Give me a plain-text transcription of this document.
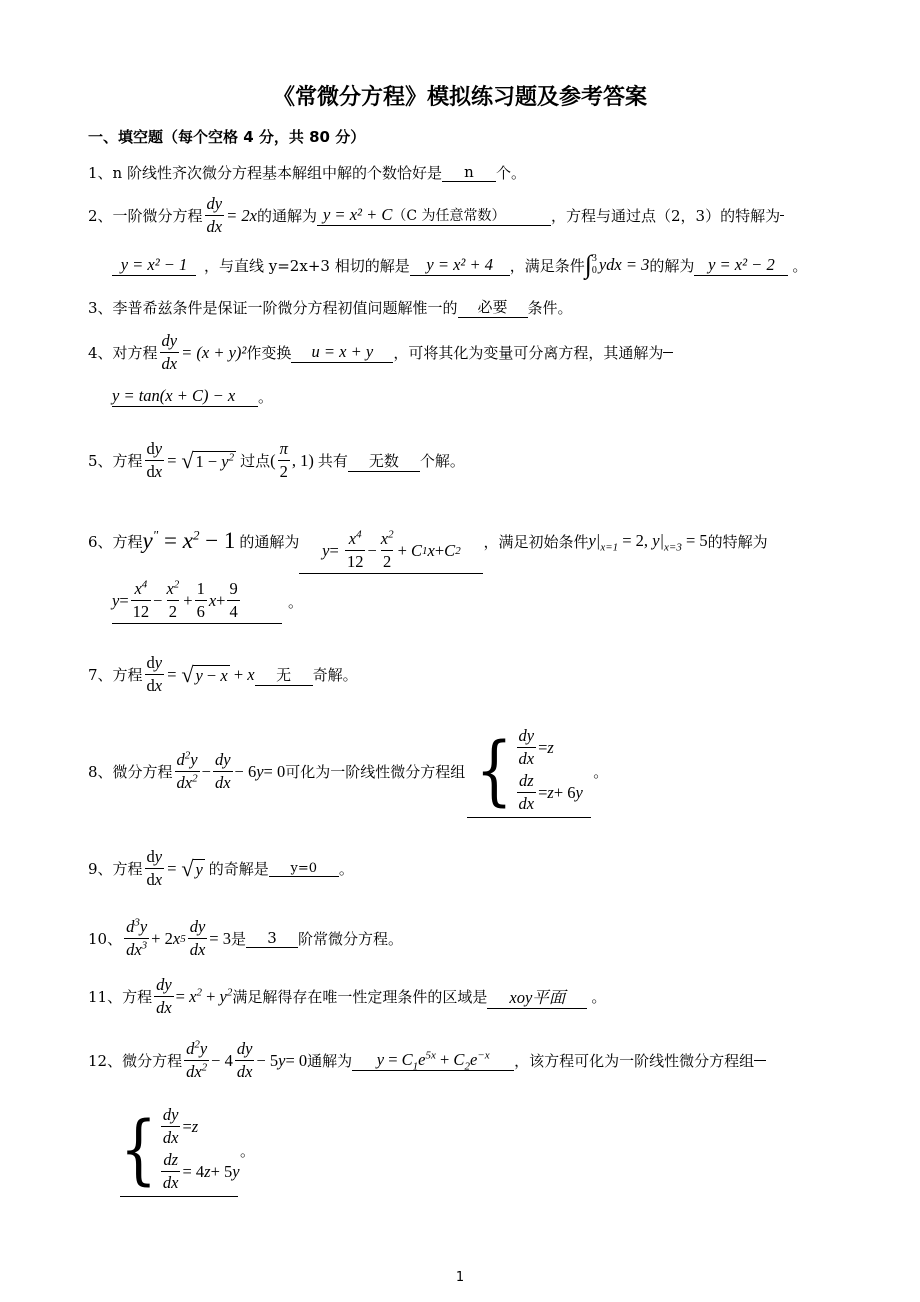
《常微分方程》模拟练习题及参考答案
一、填空题（每个空格 4 分，共 80 分）
1、n 阶线性齐次微分方程基本解组中解的个数恰好是	n	个。
2、一阶微分方程 $\frac{dy}{dx} = 2x$ 的通解为 y = x² + C （C 为任意常数）	，方程与通过点（2，3）的特解为
y = x² − 1 ，与直线 y=2x+3 相切的解是 y = x² + 4 ，满足条件 ∫ 3
0 ydx = 3 的解为 y = x² − 2 。
3、李普希兹条件是保证一阶微分方程初值问题解惟一的	必要	条件。
4、对方程 $\frac{dy}{dx} = (x + y)^2$ 作变换 u = x + y ，可将其化为变量可分离方程，其通解为
y = tan(x + C) − x 。
5、方程 $\frac{dy}{dx}$ = √ $1 - y^2$ 过点 ( $\frac{\pi}{2}$ , 1) 共有	无数	个解。
6、方程 $y^" = x^2 - 1$ 的通解为 y =
$\frac{x^4}{12} - \frac{x^2}{2} + C$ 1 x + C 2 ，满足初始条件 $y|_{x=1} = 2$, $y|_{x=3} = 5$ 的特解为
$y = \frac{x^4}{12} - \frac{x^2}{2} + \frac{1}{6}$ $x + \frac{9}{4}$	。
7、方程 $\frac{dy}{dx}$ = √ y − x + x	无	奇解。
8、微分方程 $\frac{d^2y}{dx^2} - \frac{dy}{dx} - 6$ y = 0 可化为一阶线性微分方程组 { $\frac{dy}{dx} = z$
$\frac{dz}{dx} = z + 6$ y
。
9、方程 $\frac{dy}{dx}$ = √ y 的奇解是	y=0	。
10、 $\frac{d^3y}{dx^3} + 2$ x $5 \frac{dy}{dx} = 3$ 是	3	阶常微分方程。
11、方程 $\frac{dy}{dx} = x^2 + y^2$ 满足解得存在唯一性定理条件的区域是	xoy平面	。
12、微分方程 $\frac{d^2y}{dx^2} - 4 \frac{dy}{dx} - 5$ y = 0 通解为 $y = C_1e^{5x} + C_2e^{-x}$ ，该方程可化为一阶线性微分方程组
{ $\frac{dy}{dx} = z$
$\frac{dz}{dx} = 4$ z + 5 y
。
1
